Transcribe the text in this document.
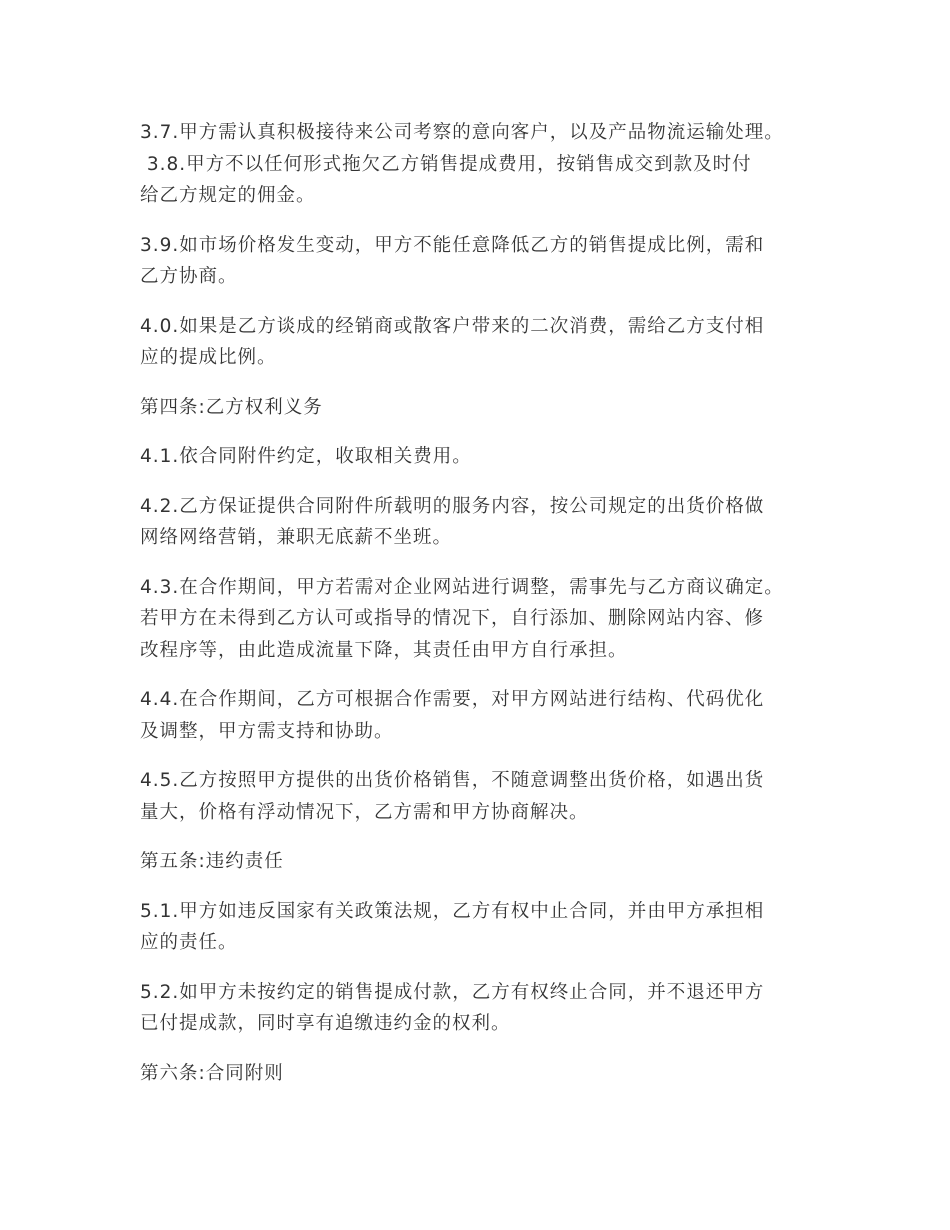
3.7.甲方需认真积极接待来公司考察的意向客户，以及产品物流运输处理。
3.8.甲方不以任何形式拖欠乙方销售提成费用，按销售成交到款及时付
给乙方规定的佣金。

3.9.如市场价格发生变动，甲方不能任意降低乙方的销售提成比例，需和
乙方协商。

4.0.如果是乙方谈成的经销商或散客户带来的二次消费，需给乙方支付相
应的提成比例。

第四条:乙方权利义务

4.1.依合同附件约定，收取相关费用。

4.2.乙方保证提供合同附件所载明的服务内容，按公司规定的出货价格做
网络网络营销，兼职无底薪不坐班。

4.3.在合作期间，甲方若需对企业网站进行调整，需事先与乙方商议确定。
若甲方在未得到乙方认可或指导的情况下，自行添加、删除网站内容、修
改程序等，由此造成流量下降，其责任由甲方自行承担。

4.4.在合作期间，乙方可根据合作需要，对甲方网站进行结构、代码优化
及调整，甲方需支持和协助。

4.5.乙方按照甲方提供的出货价格销售，不随意调整出货价格，如遇出货
量大，价格有浮动情况下，乙方需和甲方协商解决。

第五条:违约责任

5.1.甲方如违反国家有关政策法规，乙方有权中止合同，并由甲方承担相
应的责任。

5.2.如甲方未按约定的销售提成付款，乙方有权终止合同，并不退还甲方
已付提成款，同时享有追缴违约金的权利。

第六条:合同附则
